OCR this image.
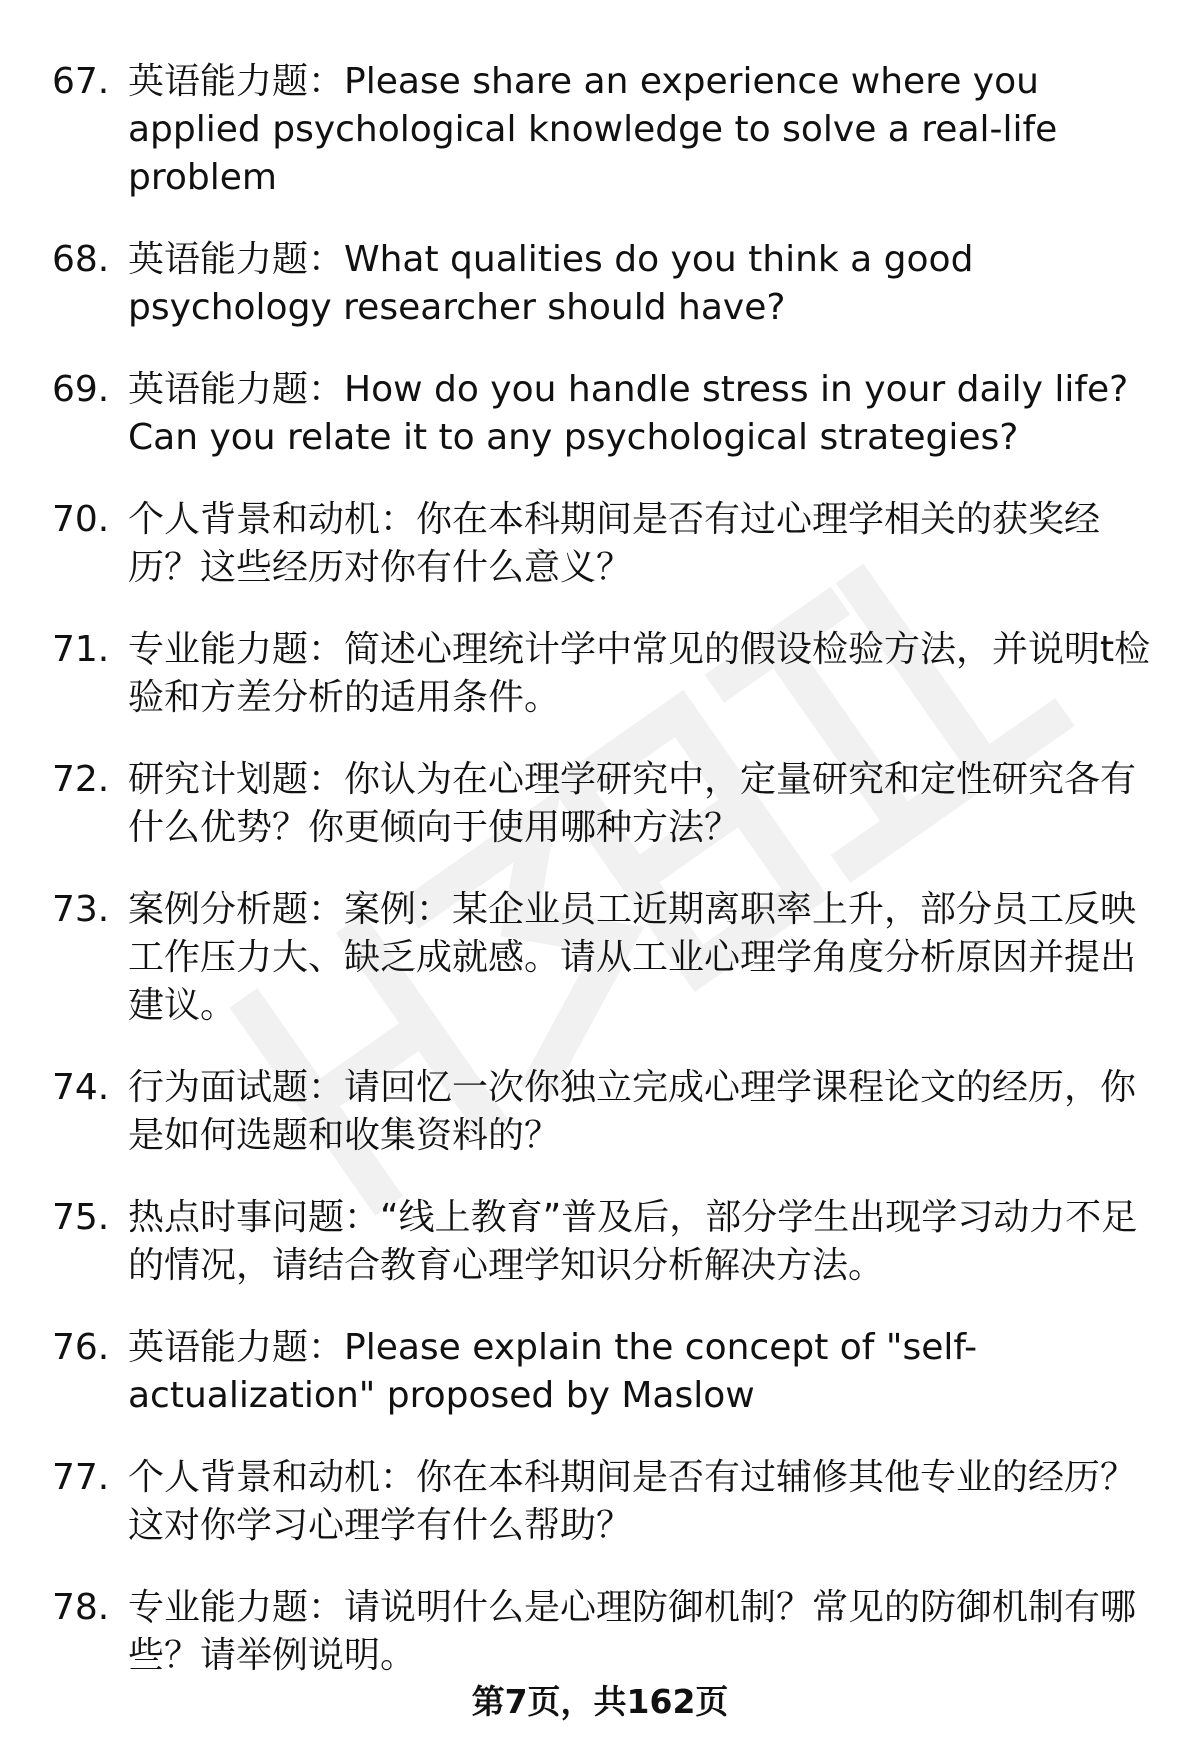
67. 英语能力题：Please share an experience where you applied psychological knowledge to solve a real-life problem
68. 英语能力题：What qualities do you think a good psychology researcher should have?
69. 英语能力题：How do you handle stress in your daily life? Can you relate it to any psychological strategies?
70. 个人背景和动机：你在本科期间是否有过心理学相关的获奖经历？这些经历对你有什么意义？
71. 专业能力题：简述心理统计学中常见的假设检验方法，并说明t检验和方差分析的适用条件。
72. 研究计划题：你认为在心理学研究中，定量研究和定性研究各有什么优势？你更倾向于使用哪种方法？
73. 案例分析题：案例：某企业员工近期离职率上升，部分员工反映工作压力大、缺乏成就感。请从工业心理学角度分析原因并提出建议。
74. 行为面试题：请回忆一次你独立完成心理学课程论文的经历，你是如何选题和收集资料的？
75. 热点时事问题：“线上教育”普及后，部分学生出现学习动力不足的情况，请结合教育心理学知识分析解决方法。
76. 英语能力题：Please explain the concept of "self-actualization" proposed by Maslow
77. 个人背景和动机：你在本科期间是否有过辅修其他专业的经历？这对你学习心理学有什么帮助？
78. 专业能力题：请说明什么是心理防御机制？常见的防御机制有哪些？请举例说明。
第7页，共162页
